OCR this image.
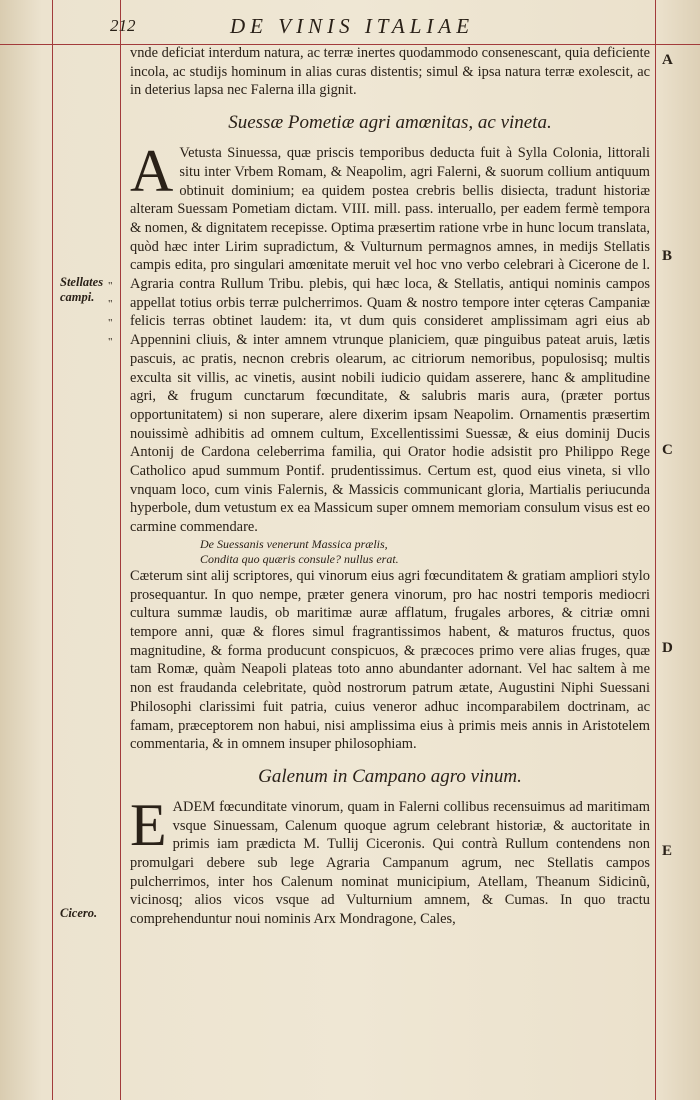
212	DE VINIS ITALIAE
A
B
C
D
E
Stellates campi.
Cicero.
"
"
"
"

vnde deficiat interdum natura, ac terræ inertes quodammodo consenescant, quia deficiente incola, ac studijs hominum in alias curas distentis; simul & ipsa natura terræ exolescit, ac in deterius lapsa nec Falerna illa gignit.

Suessæ Pometiæ agri amœnitas, ac vineta.

A Vetusta Sinuessa, quæ priscis temporibus deducta fuit à Sylla Colonia, littorali situ inter Vrbem Romam, & Neapolim, agri Falerni, & suorum collium antiquum obtinuit dominium; ea quidem postea crebris bellis disiecta, tradunt historiæ alteram Suessam Pometiam dictam. VIII. mill. pass. interuallo, per eadem fermè tempora & nomen, & dignitatem recepisse. Optima præsertim ratione vrbe in hunc locum translata, quòd hæc inter Lirim supradictum, & Vulturnum permagnos amnes, in medijs Stellatis campis edita, pro singulari amœnitate meruit vel hoc vno verbo celebrari à Cicerone de l. Agraria contra Rullum Tribu. plebis, qui hæc loca, & Stellatis, antiqui nominis campos appellat totius orbis terræ pulcherrimos. Quam & nostro tempore inter cęteras Campaniæ felicis terras obtinet laudem: ita, vt dum quis consideret amplissimam agri eius ab Appennini cliuis, & inter amnem vtrunque planiciem, quæ pinguibus pateat aruis, lætis pascuis, ac pratis, necnon crebris olearum, ac citriorum nemoribus, populosisq; multis exculta sit villis, ac vinetis, ausint nobili iudicio quidam asserere, hanc & amplitudine agri, & frugum cunctarum fœcunditate, & salubris maris aura, (præter portus opportunitatem) si non superare, alere dixerim ipsam Neapolim. Ornamentis præsertim nouissimè adhibitis ad omnem cultum, Excellentissimi Suessæ, & eius dominij Ducis Antonij de Cardona celeberrima familia, qui Orator hodie adsistit pro Philippo Rege Catholico apud summum Pontif. prudentissimus. Certum est, quod eius vineta, si vllo vnquam loco, cum vinis Falernis, & Massicis communicant gloria, Martialis periucunda hyperbole, dum vetustum ex ea Massicum super omnem memoriam consulum visus est eo carmine commendare.

De Suessanis venerunt Massica prælis,
Condita quo quæris consule? nullus erat.

Cæterum sint alij scriptores, qui vinorum eius agri fœcunditatem & gratiam ampliori stylo prosequantur. In quo nempe, præter genera vinorum, pro hac nostri temporis mediocri cultura summæ laudis, ob maritimæ auræ afflatum, frugales arbores, & citriæ omni tempore anni, quæ & flores simul fragrantissimos habent, & maturos fructus, quos magnitudine, & forma producunt conspicuos, & præcoces primo vere alias fruges, quæ tam Romæ, quàm Neapoli plateas toto anno abundanter adornant. Vel hac saltem à me non est fraudanda celebritate, quòd nostrorum patrum ætate, Augustini Niphi Suessani Philosophi clarissimi fuit patria, cuius veneror adhuc incomparabilem doctrinam, ac famam, præceptorem non habui, nisi amplissima eius à primis meis annis in Aristotelem commentaria, & in omnem insuper philosophiam.

Galenum in Campano agro vinum.

EADEM fœcunditate vinorum, quam in Falerni collibus recensuimus ad maritimam vsque Sinuessam, Calenum quoque agrum celebrant historiæ, & auctoritate in primis iam prædicta M. Tullij Ciceronis. Qui contrà Rullum contendens non promulgari debere sub lege Agraria Campanum agrum, nec Stellatis campos pulcherrimos, inter hos Calenum nominat municipium, Atellam, Theanum Sidicinũ, vicinosq; alios vicos vsque ad Vulturnium amnem, & Cumas. In quo tractu comprehenduntur noui nominis Arx Mondragone, Cales,
